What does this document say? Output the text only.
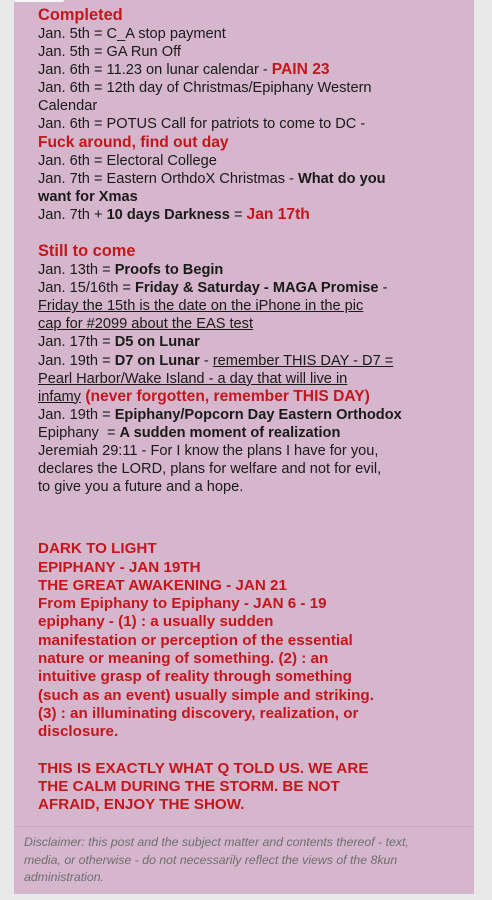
Completed
Jan. 5th = C_A stop payment
Jan. 5th = GA Run Off
Jan. 6th = 11.23 on lunar calendar - PAIN 23
Jan. 6th = 12th day of Christmas/Epiphany Western
Calendar
Jan. 6th = POTUS Call for patriots to come to DC -
Fuck around, find out day
Jan. 6th = Electoral College
Jan. 7th = Eastern OrthdoX Christmas - What do you
want for Xmas
Jan. 7th + 10 days Darkness = Jan 17th
Still to come
Jan. 13th = Proofs to Begin
Jan. 15/16th = Friday & Saturday - MAGA Promise -
Friday the 15th is the date on the iPhone in the pic
cap for #2099 about the EAS test
Jan. 17th = D5 on Lunar
Jan. 19th = D7 on Lunar - remember THIS DAY - D7 =
Pearl Harbor/Wake Island - a day that will live in
infamy (never forgotten, remember THIS DAY)
Jan. 19th = Epiphany/Popcorn Day Eastern Orthodox
Epiphany  = A sudden moment of realization
Jeremiah 29:11 - For I know the plans I have for you,
declares the LORD, plans for welfare and not for evil,
to give you a future and a hope.
DARK TO LIGHT
EPIPHANY - JAN 19TH
THE GREAT AWAKENING - JAN 21
From Epiphany to Epiphany - JAN 6 - 19
epiphany - (1) : a usually sudden
manifestation or perception of the essential
nature or meaning of something. (2) : an
intuitive grasp of reality through something
(such as an event) usually simple and striking.
(3) : an illuminating discovery, realization, or
disclosure.
THIS IS EXACTLY WHAT Q TOLD US. WE ARE
THE CALM DURING THE STORM. BE NOT
AFRAID, ENJOY THE SHOW.
Disclaimer: this post and the subject matter and contents thereof - text,
media, or otherwise - do not necessarily reflect the views of the 8kun
administration.
